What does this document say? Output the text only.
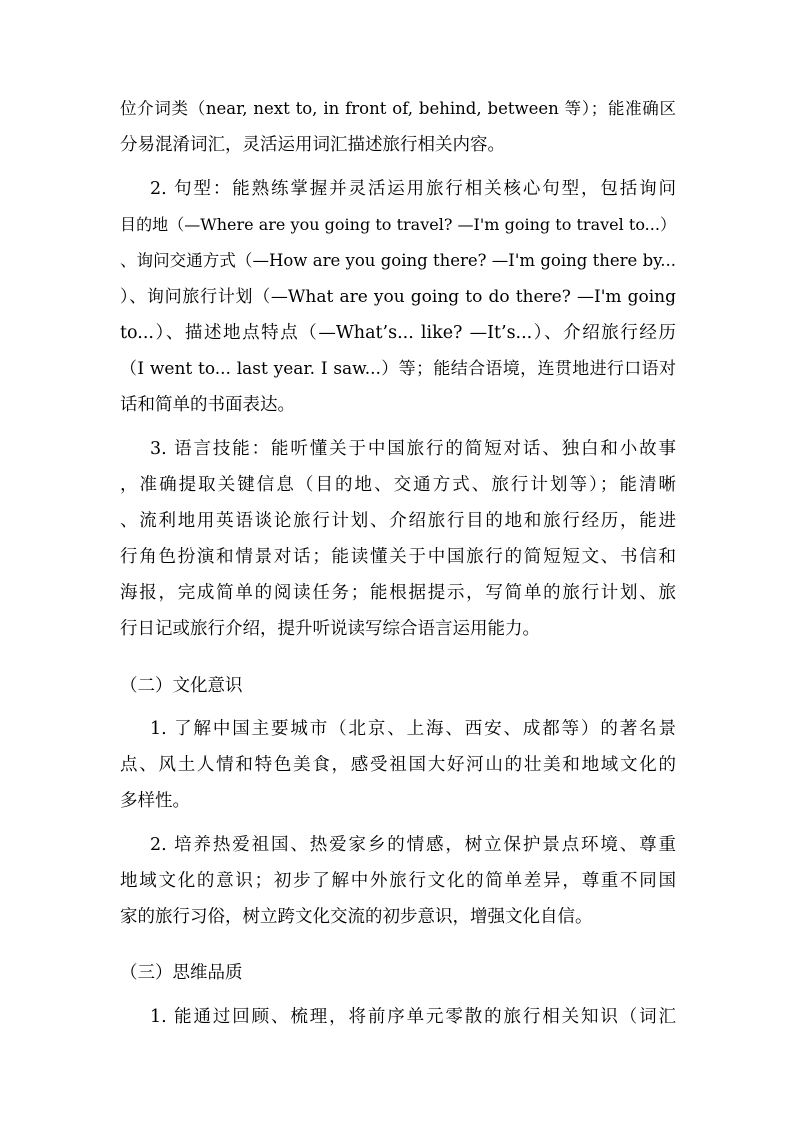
位介词类（near, next to, in front of, behind, between 等）；能准确区
分易混淆词汇，灵活运用词汇描述旅行相关内容。
2. 句型：能熟练掌握并灵活运用旅行相关核心句型，包括询问
目的地（—Where are you going to travel? —I'm going to travel to...）
、询问交通方式（—How are you going there? —I'm going there by...
）、询问旅行计划（—What are you going to do there? —I'm going
to...）、描述地点特点（—What’s... like? —It’s...）、介绍旅行经历
（I went to... last year. I saw...）等；能结合语境，连贯地进行口语对
话和简单的书面表达。
3. 语言技能：能听懂关于中国旅行的简短对话、独白和小故事
，准确提取关键信息（目的地、交通方式、旅行计划等）；能清晰
、流利地用英语谈论旅行计划、介绍旅行目的地和旅行经历，能进
行角色扮演和情景对话；能读懂关于中国旅行的简短短文、书信和
海报，完成简单的阅读任务；能根据提示，写简单的旅行计划、旅
行日记或旅行介绍，提升听说读写综合语言运用能力。
（二）文化意识
1. 了解中国主要城市（北京、上海、西安、成都等）的著名景
点、风土人情和特色美食，感受祖国大好河山的壮美和地域文化的
多样性。
2. 培养热爱祖国、热爱家乡的情感，树立保护景点环境、尊重
地域文化的意识；初步了解中外旅行文化的简单差异，尊重不同国
家的旅行习俗，树立跨文化交流的初步意识，增强文化自信。
（三）思维品质
1. 能通过回顾、梳理，将前序单元零散的旅行相关知识（词汇
